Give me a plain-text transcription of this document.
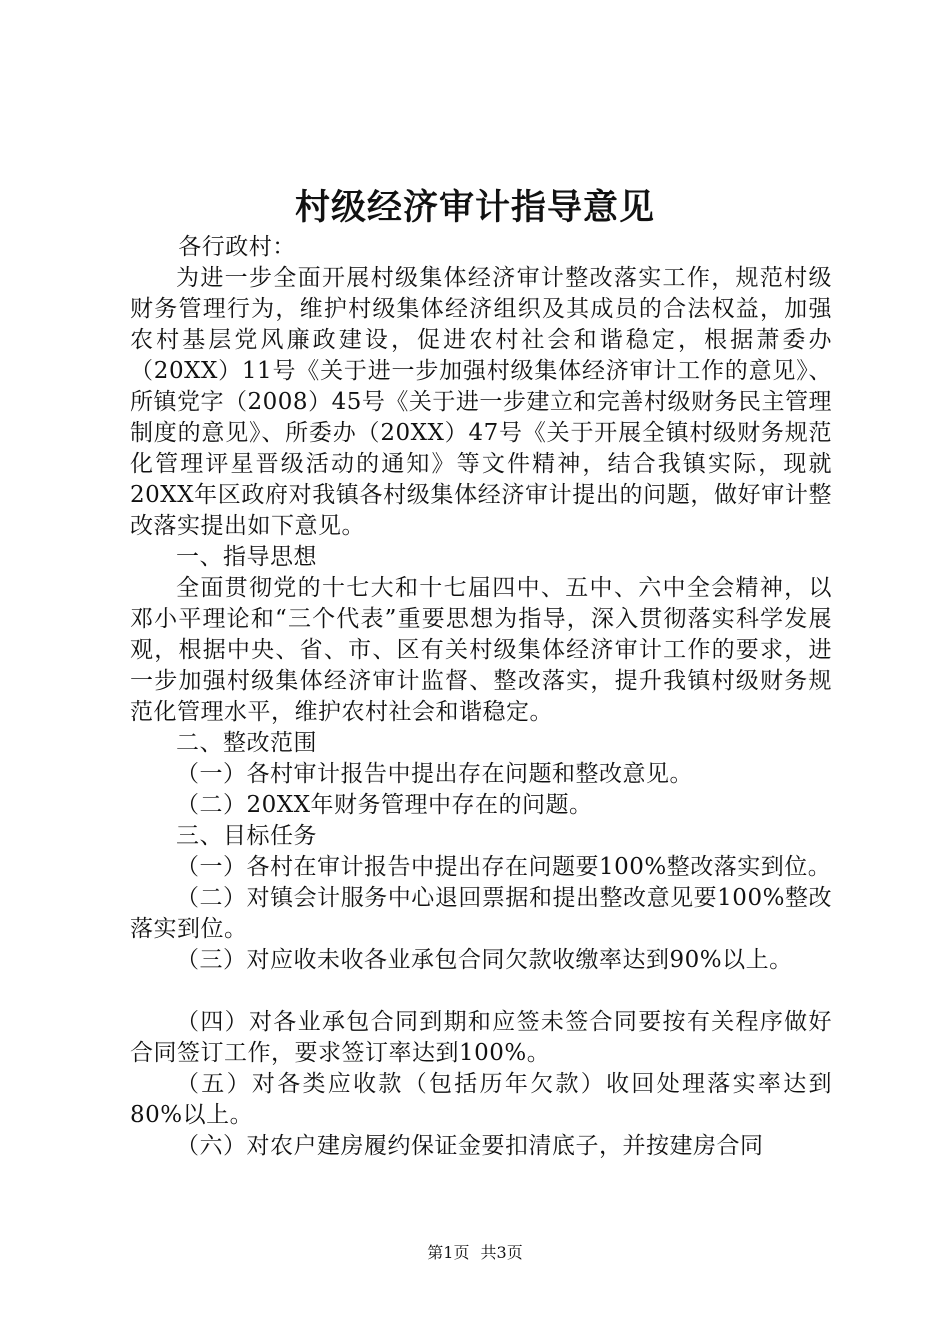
村级经济审计指导意见

各行政村：

为进一步全面开展村级集体经济审计整改落实工作，规范村级财务管理行为，维护村级集体经济组织及其成员的合法权益，加强农村基层党风廉政建设，促进农村社会和谐稳定，根据萧委办（20XX）11号《关于进一步加强村级集体经济审计工作的意见》、所镇党字（2008）45号《关于进一步建立和完善村级财务民主管理制度的意见》、所委办（20XX）47号《关于开展全镇村级财务规范化管理评星晋级活动的通知》等文件精神，结合我镇实际，现就20XX年区政府对我镇各村级集体经济审计提出的问题，做好审计整改落实提出如下意见。

一、指导思想

全面贯彻党的十七大和十七届四中、五中、六中全会精神，以邓小平理论和“三个代表”重要思想为指导，深入贯彻落实科学发展观，根据中央、省、市、区有关村级集体经济审计工作的要求，进一步加强村级集体经济审计监督、整改落实，提升我镇村级财务规范化管理水平，维护农村社会和谐稳定。

二、整改范围

（一）各村审计报告中提出存在问题和整改意见。

（二）20XX年财务管理中存在的问题。

三、目标任务

（一）各村在审计报告中提出存在问题要100%整改落实到位。

（二）对镇会计服务中心退回票据和提出整改意见要100%整改落实到位。

（三）对应收未收各业承包合同欠款收缴率达到90%以上。

（四）对各业承包合同到期和应签未签合同要按有关程序做好合同签订工作，要求签订率达到100%。

（五）对各类应收款（包括历年欠款）收回处理落实率达到80%以上。

（六）对农户建房履约保证金要扣清底子，并按建房合同

第1页 共3页
